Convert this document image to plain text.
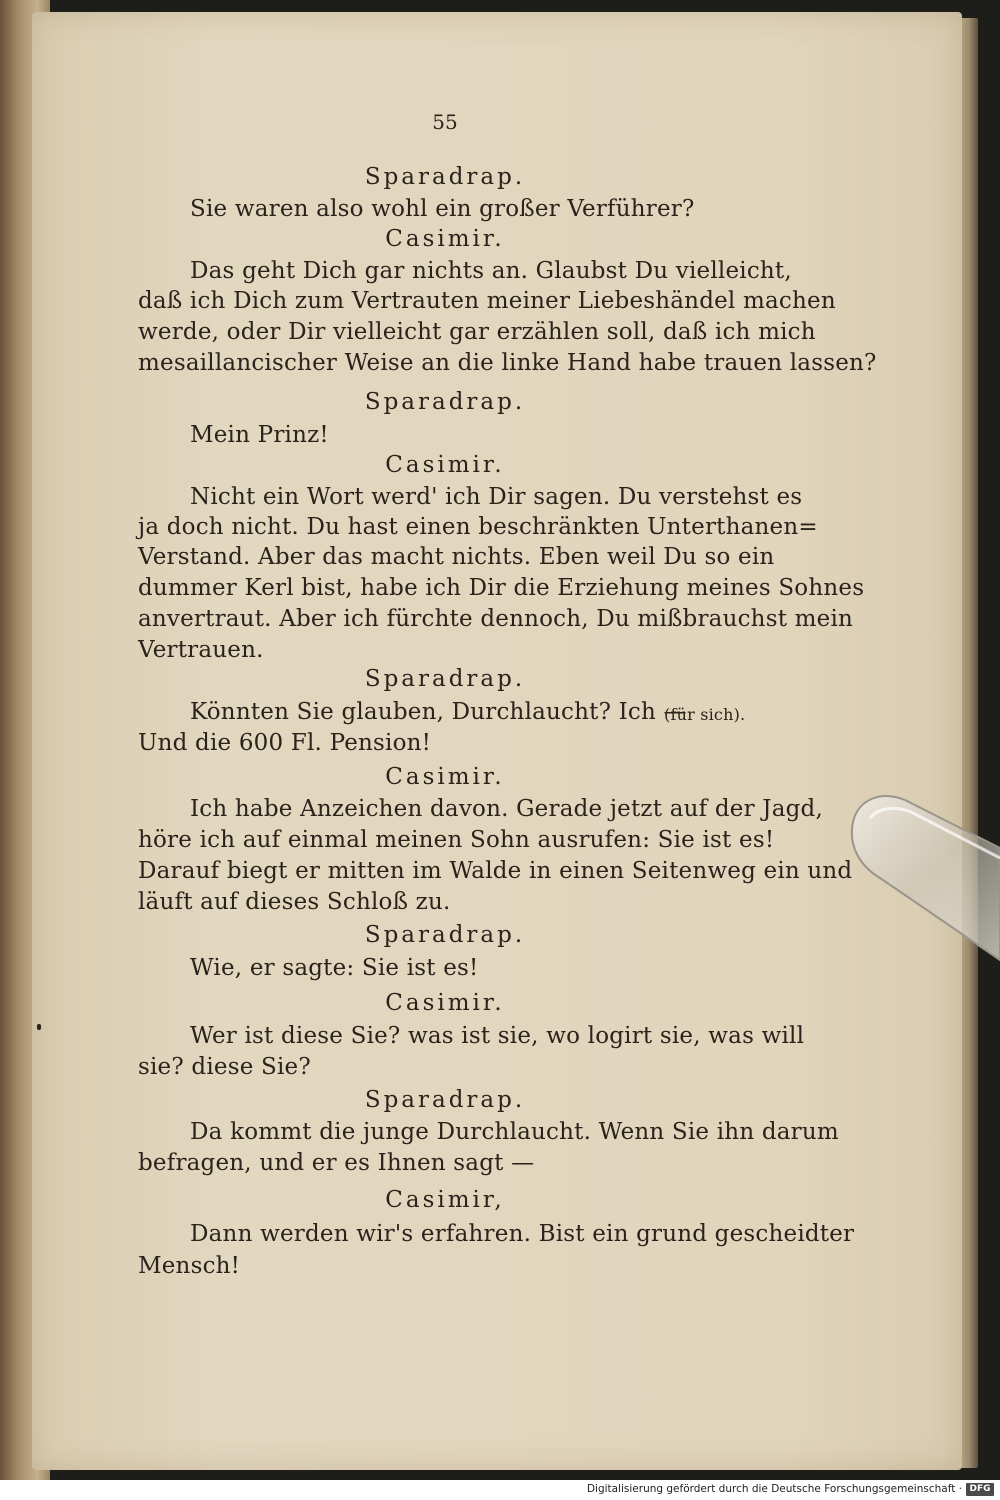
55
Sparadrap.
Sie waren also wohl ein großer Verführer?
Casimir.
Das geht Dich gar nichts an. Glaubst Du vielleicht,
daß ich Dich zum Vertrauten meiner Liebeshändel machen
werde, oder Dir vielleicht gar erzählen soll, daß ich mich
mesaillancischer Weise an die linke Hand habe trauen lassen?
Sparadrap.
Mein Prinz!
Casimir.
Nicht ein Wort werd' ich Dir sagen. Du verstehst es
ja doch nicht. Du hast einen beschränkten Unterthanen=
Verstand. Aber das macht nichts. Eben weil Du so ein
dummer Kerl bist, habe ich Dir die Erziehung meines Sohnes
anvertraut. Aber ich fürchte dennoch, Du mißbrauchst mein
Vertrauen.
Sparadrap.
Könnten Sie glauben, Durchlaucht? Ich —
(für sich).
Und die 600 Fl. Pension!
Casimir.
Ich habe Anzeichen davon. Gerade jetzt auf der Jagd,
höre ich auf einmal meinen Sohn ausrufen: Sie ist es!
Darauf biegt er mitten im Walde in einen Seitenweg ein und
läuft auf dieses Schloß zu.
Sparadrap.
Wie, er sagte: Sie ist es!
Casimir.
Wer ist diese Sie? was ist sie, wo logirt sie, was will
sie? diese Sie?
Sparadrap.
Da kommt die junge Durchlaucht. Wenn Sie ihn darum
befragen, und er es Ihnen sagt —
Casimir,
Dann werden wir's erfahren. Bist ein grund gescheidter
Mensch!
Digitalisierung gefördert durch die Deutsche Forschungsgemeinschaft · DFG
